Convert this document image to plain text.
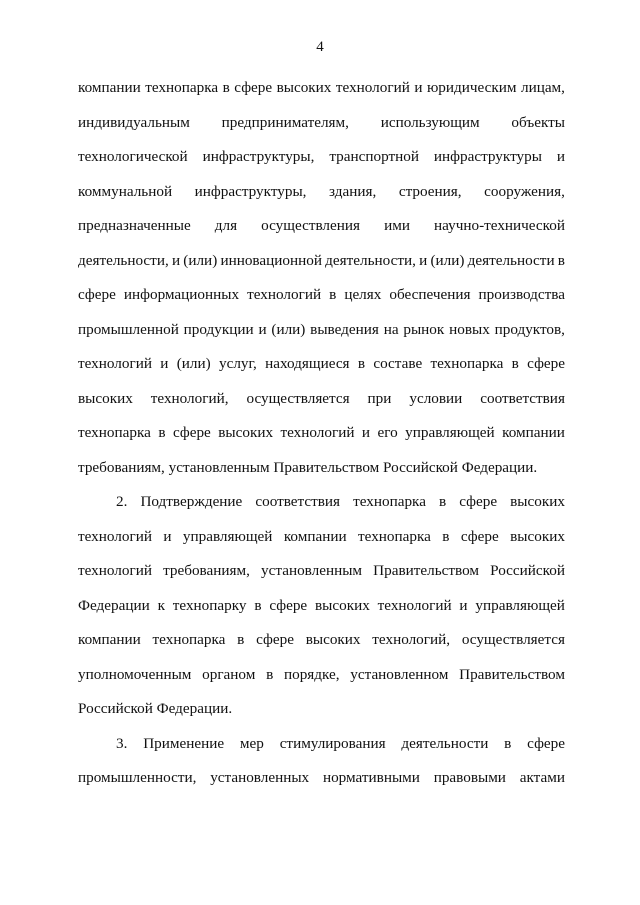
4
компании технопарка в сфере высоких технологий и юридическим лицам,
индивидуальным предпринимателям, использующим объекты
технологической инфраструктуры, транспортной инфраструктуры и
коммунальной инфраструктуры, здания, строения, сооружения,
предназначенные для осуществления ими научно-технической
деятельности, и (или) инновационной деятельности, и (или) деятельности в
сфере информационных технологий в целях обеспечения производства
промышленной продукции и (или) выведения на рынок новых продуктов,
технологий и (или) услуг, находящиеся в составе технопарка в сфере
высоких технологий, осуществляется при условии соответствия
технопарка в сфере высоких технологий и его управляющей компании
требованиям, установленным Правительством Российской Федерации.
2. Подтверждение соответствия технопарка в сфере высоких
технологий и управляющей компании технопарка в сфере высоких
технологий требованиям, установленным Правительством Российской
Федерации к технопарку в сфере высоких технологий и управляющей
компании технопарка в сфере высоких технологий, осуществляется
уполномоченным органом в порядке, установленном Правительством
Российской Федерации.
3. Применение мер стимулирования деятельности в сфере
промышленности, установленных нормативными правовыми актами
